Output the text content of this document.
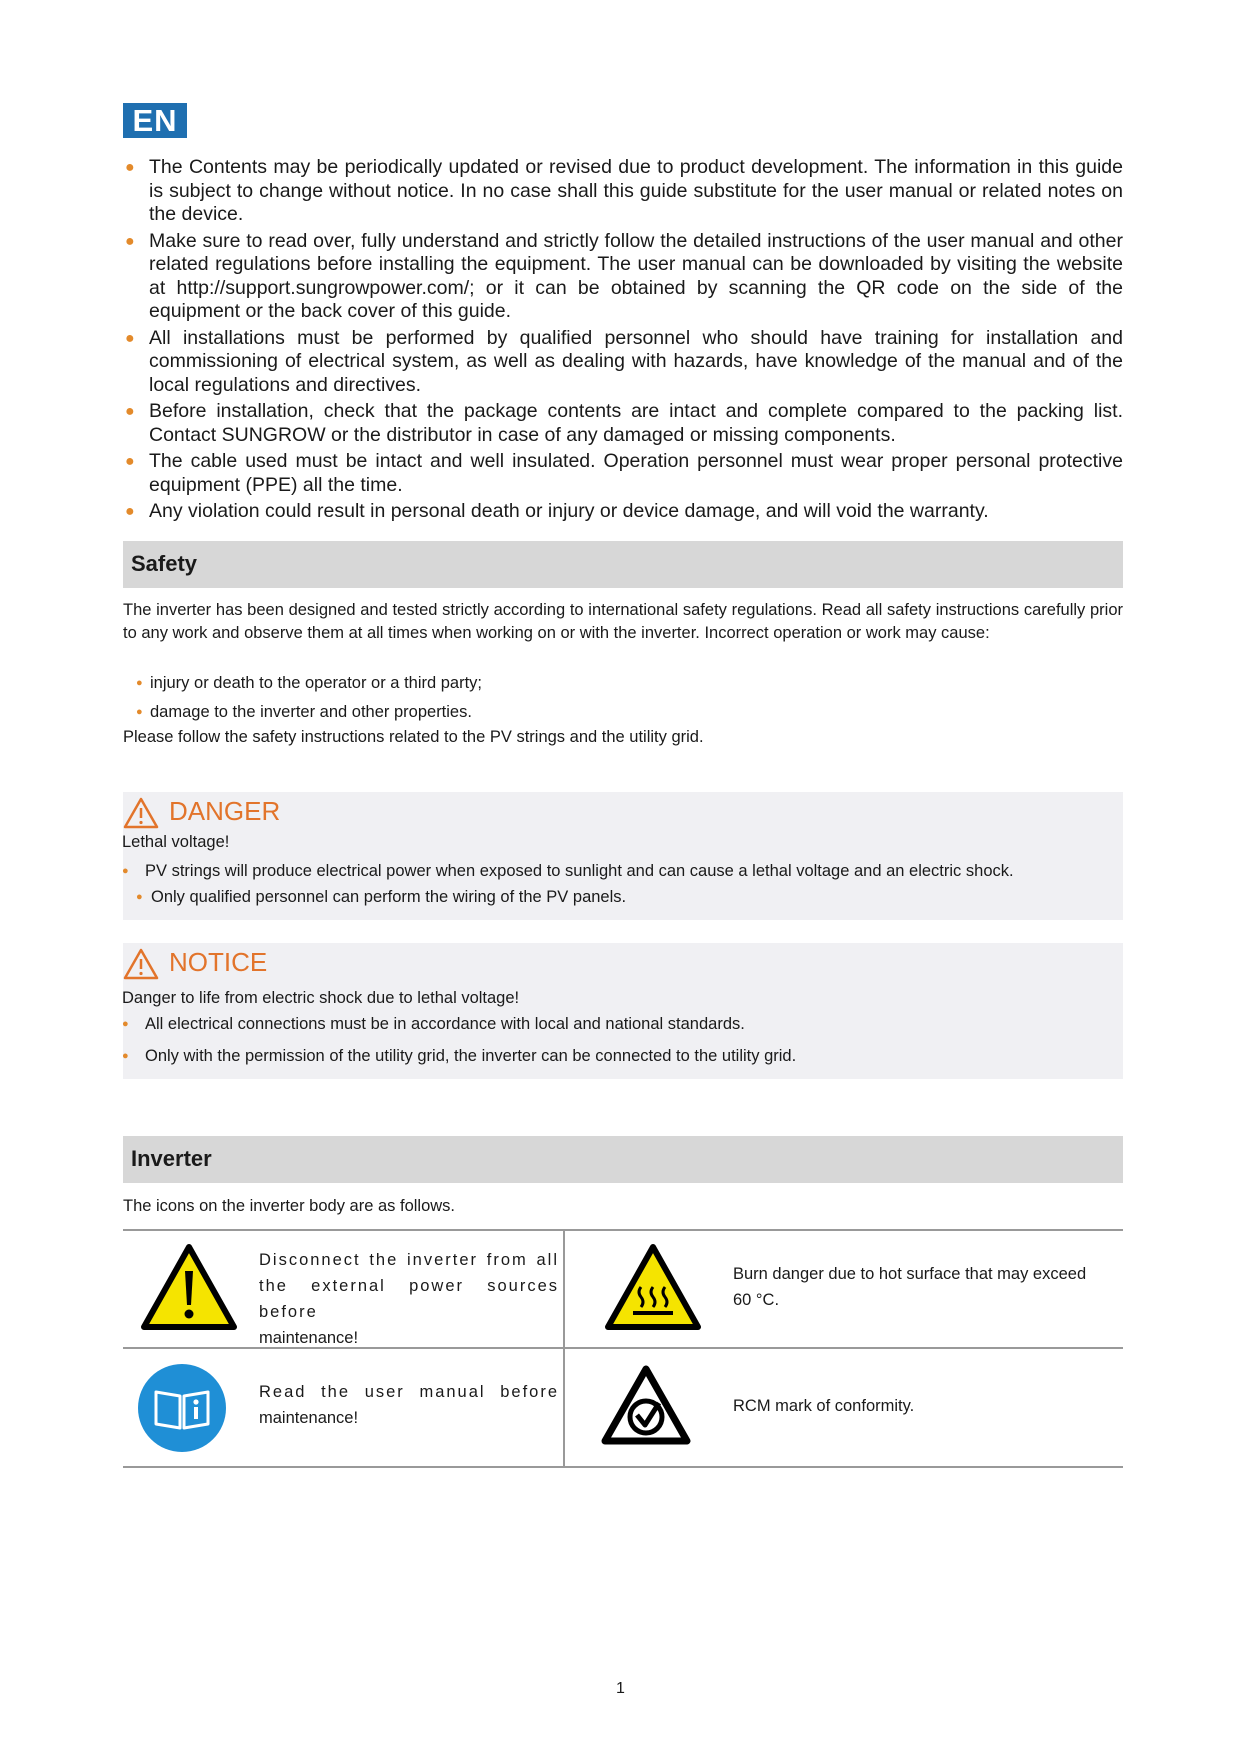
EN
● The Contents may be periodically updated or revised due to product development. The information in this guide is subject to change without notice. In no case shall this guide substitute for the user manual or related notes on the device.
● Make sure to read over, fully understand and strictly follow the detailed instructions of the user manual and other related regulations before installing the equipment. The user manual can be downloaded by visiting the website at http://support.sungrowpower.com/; or it can be obtained by scanning the QR code on the side of the equipment or the back cover of this guide.
● All installations must be performed by qualified personnel who should have training for installation and commissioning of electrical system, as well as dealing with hazards, have knowledge of the manual and of the local regulations and directives.
● Before installation, check that the package contents are intact and complete compared to the packing list. Contact SUNGROW or the distributor in case of any damaged or missing components.
● The cable used must be intact and well insulated. Operation personnel must wear proper personal protective equipment (PPE) all the time.
● Any violation could result in personal death or injury or device damage, and will void the warranty.
Safety

The inverter has been designed and tested strictly according to international safety regulations. Read all safety instructions carefully prior to any work and observe them at all times when working on or with the inverter. Incorrect operation or work may cause:

● injury or death to the operator or a third party;
● damage to the inverter and other properties.

Please follow the safety instructions related to the PV strings and the utility grid.

DANGER
Lethal voltage!
● PV strings will produce electrical power when exposed to sunlight and can cause a lethal voltage and an electric shock.
● Only qualified personnel can perform the wiring of the PV panels.
NOTICE
Danger to life from electric shock due to lethal voltage!
● All electrical connections must be in accordance with local and national standards.
● Only with the permission of the utility grid, the inverter can be connected to the utility grid.
Inverter

The icons on the inverter body are as follows.

Disconnect the inverter from all
the external power sources before
maintenance!
Burn danger due to hot surface that may exceed
60 °C.
Read the user manual before
maintenance!
RCM mark of conformity.
1
